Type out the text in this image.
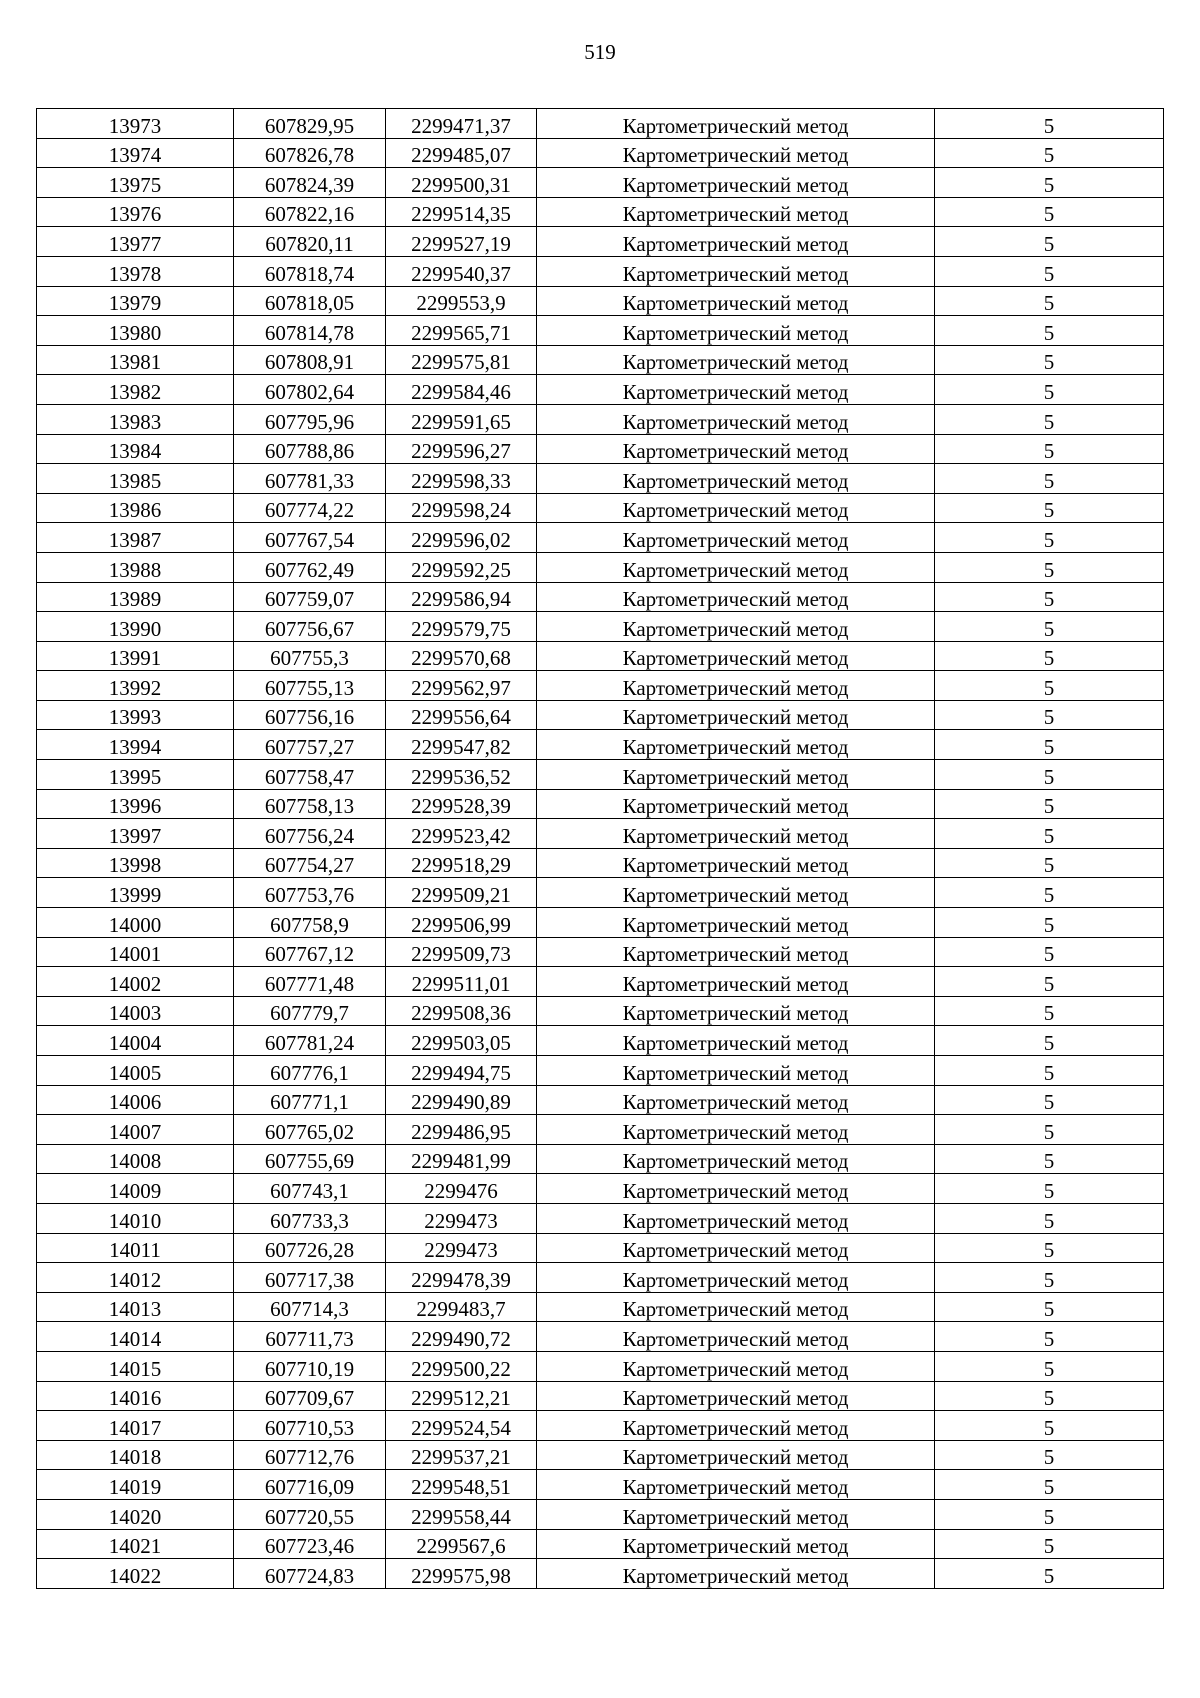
519
13973	607829,95	2299471,37	Картометрический метод	5
13974	607826,78	2299485,07	Картометрический метод	5
13975	607824,39	2299500,31	Картометрический метод	5
13976	607822,16	2299514,35	Картометрический метод	5
13977	607820,11	2299527,19	Картометрический метод	5
13978	607818,74	2299540,37	Картометрический метод	5
13979	607818,05	2299553,9	Картометрический метод	5
13980	607814,78	2299565,71	Картометрический метод	5
13981	607808,91	2299575,81	Картометрический метод	5
13982	607802,64	2299584,46	Картометрический метод	5
13983	607795,96	2299591,65	Картометрический метод	5
13984	607788,86	2299596,27	Картометрический метод	5
13985	607781,33	2299598,33	Картометрический метод	5
13986	607774,22	2299598,24	Картометрический метод	5
13987	607767,54	2299596,02	Картометрический метод	5
13988	607762,49	2299592,25	Картометрический метод	5
13989	607759,07	2299586,94	Картометрический метод	5
13990	607756,67	2299579,75	Картометрический метод	5
13991	607755,3	2299570,68	Картометрический метод	5
13992	607755,13	2299562,97	Картометрический метод	5
13993	607756,16	2299556,64	Картометрический метод	5
13994	607757,27	2299547,82	Картометрический метод	5
13995	607758,47	2299536,52	Картометрический метод	5
13996	607758,13	2299528,39	Картометрический метод	5
13997	607756,24	2299523,42	Картометрический метод	5
13998	607754,27	2299518,29	Картометрический метод	5
13999	607753,76	2299509,21	Картометрический метод	5
14000	607758,9	2299506,99	Картометрический метод	5
14001	607767,12	2299509,73	Картометрический метод	5
14002	607771,48	2299511,01	Картометрический метод	5
14003	607779,7	2299508,36	Картометрический метод	5
14004	607781,24	2299503,05	Картометрический метод	5
14005	607776,1	2299494,75	Картометрический метод	5
14006	607771,1	2299490,89	Картометрический метод	5
14007	607765,02	2299486,95	Картометрический метод	5
14008	607755,69	2299481,99	Картометрический метод	5
14009	607743,1	2299476	Картометрический метод	5
14010	607733,3	2299473	Картометрический метод	5
14011	607726,28	2299473	Картометрический метод	5
14012	607717,38	2299478,39	Картометрический метод	5
14013	607714,3	2299483,7	Картометрический метод	5
14014	607711,73	2299490,72	Картометрический метод	5
14015	607710,19	2299500,22	Картометрический метод	5
14016	607709,67	2299512,21	Картометрический метод	5
14017	607710,53	2299524,54	Картометрический метод	5
14018	607712,76	2299537,21	Картометрический метод	5
14019	607716,09	2299548,51	Картометрический метод	5
14020	607720,55	2299558,44	Картометрический метод	5
14021	607723,46	2299567,6	Картометрический метод	5
14022	607724,83	2299575,98	Картометрический метод	5
